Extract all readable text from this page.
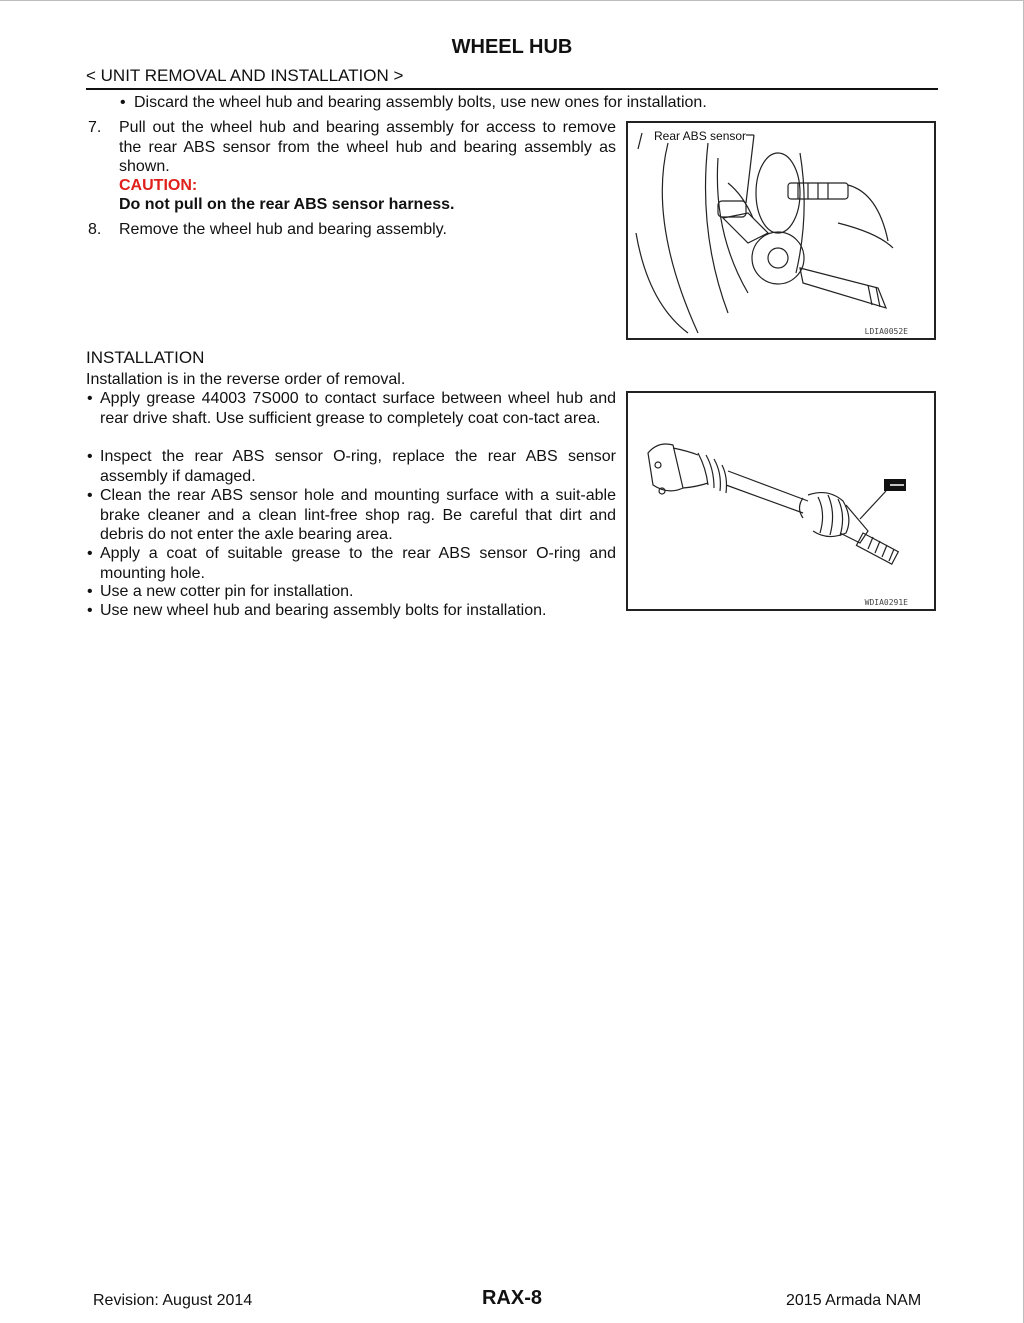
WHEEL HUB
< UNIT REMOVAL AND INSTALLATION >
• Discard the wheel hub and bearing assembly bolts, use new ones for installation.
7. Pull out the wheel hub and bearing assembly for access to remove the rear ABS sensor from the wheel hub and bearing assembly as shown.
CAUTION:
Do not pull on the rear ABS sensor harness.
8. Remove the wheel hub and bearing assembly.
Rear ABS sensor
LDIA0052E
INSTALLATION
Installation is in the reverse order of removal.
• Apply grease 44003 7S000 to contact surface between wheel hub and rear drive shaft. Use sufficient grease to completely coat con-tact area.
• Inspect the rear ABS sensor O-ring, replace the rear ABS sensor assembly if damaged.
• Clean the rear ABS sensor hole and mounting surface with a suit-able brake cleaner and a clean lint-free shop rag. Be careful that dirt and debris do not enter the axle bearing area.
• Apply a coat of suitable grease to the rear ABS sensor O-ring and mounting hole.
• Use a new cotter pin for installation.
• Use new wheel hub and bearing assembly bolts for installation.	WDIA0291E
Revision: August 2014	RAX-8	2015 Armada NAM
